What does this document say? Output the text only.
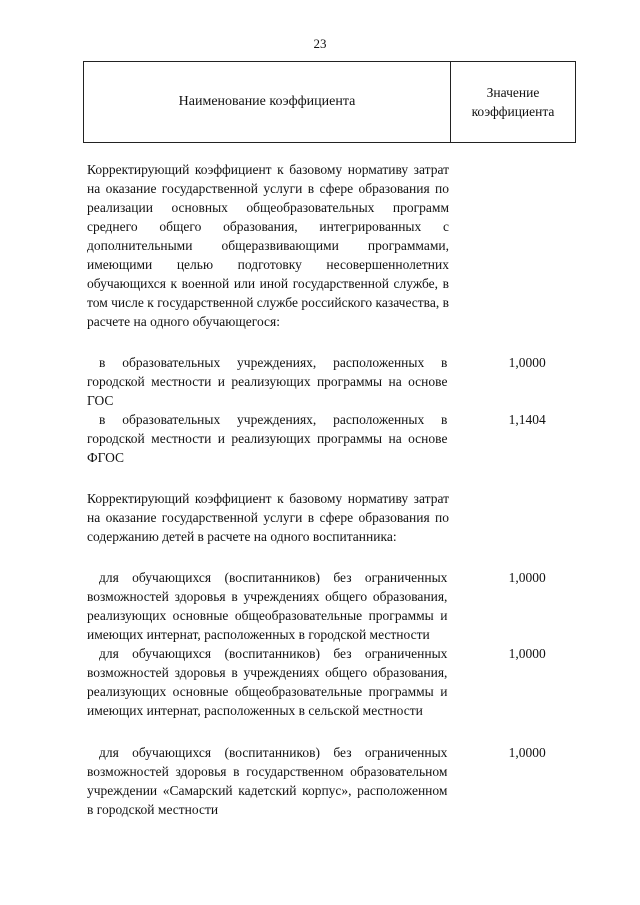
23
Наименование коэффициента
Значение
коэффициента
Корректирующий коэффициент к базовому нормативу затрат на оказание государственной услуги в сфере образования по реализации основных общеобразовательных программ среднего общего образования, интегрированных с дополнительными общеразвивающими программами, имеющими целью подготовку несовершеннолетних обучающихся к военной или иной государственной службе, в том числе к государственной службе российского казачества, в расчете на одного обучающегося:
в образовательных учреждениях, расположенных в городской местности и реализующих программы на основе ГОС
1,0000
в образовательных учреждениях, расположенных в городской местности и реализующих программы на основе ФГОС
1,1404
Корректирующий коэффициент к базовому нормативу затрат на оказание государственной услуги в сфере образования по содержанию детей в расчете на одного воспитанника:
для обучающихся (воспитанников) без ограниченных возможностей здоровья в учреждениях общего образования, реализующих основные общеобразовательные программы и имеющих интернат, расположенных в городской местности
1,0000
для обучающихся (воспитанников) без ограниченных возможностей здоровья в учреждениях общего образования, реализующих основные общеобразовательные программы и имеющих интернат, расположенных в сельской местности
1,0000
для обучающихся (воспитанников) без ограниченных возможностей здоровья в государственном образовательном учреждении «Самарский кадетский корпус», расположенном в городской местности
1,0000
